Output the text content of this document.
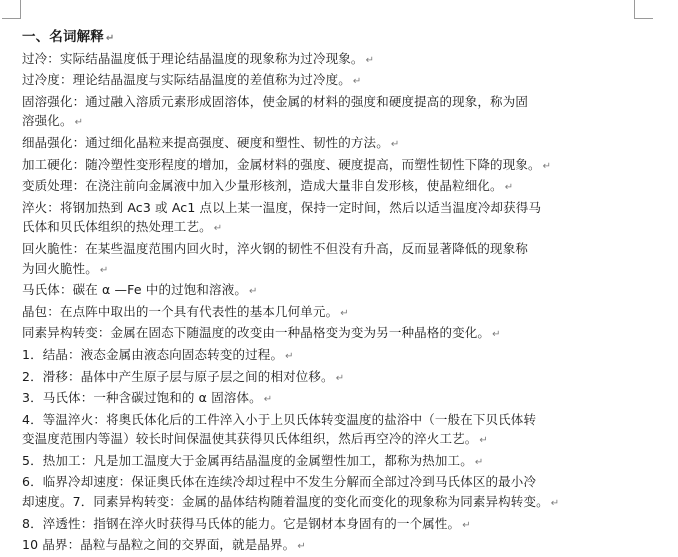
一、名词解释 ↵
过冷：实际结晶温度低于理论结晶温度的现象称为过冷现象。 ↵
过冷度：理论结晶温度与实际结晶温度的差值称为过冷度。 ↵
固溶强化：通过融入溶质元素形成固溶体，使金属的材料的强度和硬度提高的现象，称为固
溶强化。 ↵
细晶强化：通过细化晶粒来提高强度、硬度和塑性、韧性的方法。 ↵
加工硬化：随冷塑性变形程度的增加，金属材料的强度、硬度提高，而塑性韧性下降的现象。 ↵
变质处理：在浇注前向金属液中加入少量形核剂，造成大量非自发形核，使晶粒细化。 ↵
淬火：将钢加热到 Ac3 或 Ac1 点以上某一温度，保持一定时间，然后以适当温度冷却获得马
氏体和贝氏体组织的热处理工艺。 ↵
回火脆性：在某些温度范围内回火时，淬火钢的韧性不但没有升高，反而显著降低的现象称
为回火脆性。 ↵
马氏体：碳在 α —Fe 中的过饱和溶液。 ↵
晶包：在点阵中取出的一个具有代表性的基本几何单元。 ↵
同素异构转变：金属在固态下随温度的改变由一种晶格变为变为另一种晶格的变化。 ↵
1．结晶：液态金属由液态向固态转变的过程。 ↵
2．滑移：晶体中产生原子层与原子层之间的相对位移。 ↵
3．马氏体：一种含碳过饱和的 α 固溶体。 ↵
4．等温淬火：将奥氏体化后的工件淬入小于上贝氏体转变温度的盐浴中（一般在下贝氏体转
变温度范围内等温）较长时间保温使其获得贝氏体组织，然后再空冷的淬火工艺。 ↵
5．热加工：凡是加工温度大于金属再结晶温度的金属塑性加工，都称为热加工。 ↵
6．临界冷却速度：保证奥氏体在连续冷却过程中不发生分解而全部过冷到马氏体区的最小冷
却速度。7．同素异构转变：金属的晶体结构随着温度的变化而变化的现象称为同素异构转变。 ↵
8．淬透性：指钢在淬火时获得马氏体的能力。它是钢材本身固有的一个属性。 ↵
10 晶界：晶粒与晶粒之间的交界面，就是晶界。 ↵
